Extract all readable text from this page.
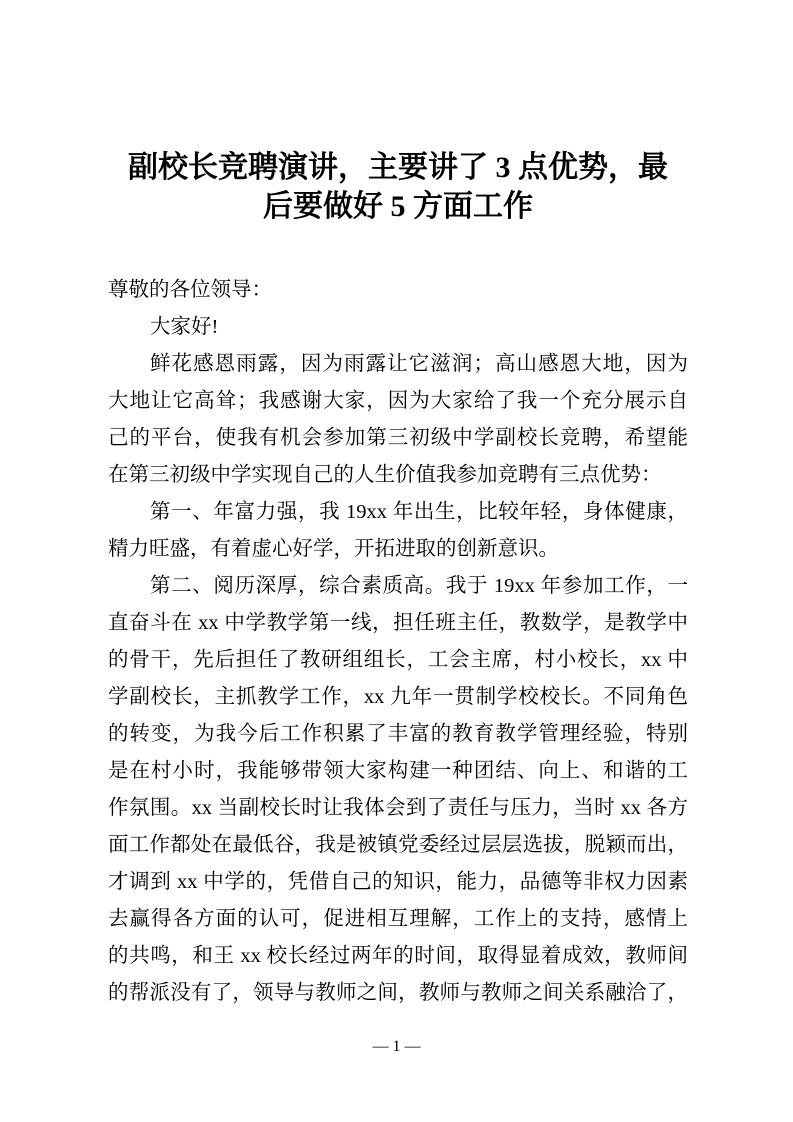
副校长竞聘演讲，主要讲了 3 点优势，最
后要做好 5 方面工作
尊敬的各位领导：
大家好!
鲜花感恩雨露，因为雨露让它滋润；高山感恩大地，因为
大地让它高耸；我感谢大家，因为大家给了我一个充分展示自
己的平台，使我有机会参加第三初级中学副校长竞聘，希望能
在第三初级中学实现自己的人生价值我参加竞聘有三点优势：
第一、年富力强，我 19xx 年出生，比较年轻，身体健康，
精力旺盛，有着虚心好学，开拓进取的创新意识。
第二、阅历深厚，综合素质高。我于 19xx 年参加工作，一
直奋斗在 xx 中学教学第一线，担任班主任，教数学，是教学中
的骨干，先后担任了教研组组长，工会主席，村小校长，xx 中
学副校长，主抓教学工作，xx 九年一贯制学校校长。不同角色
的转变，为我今后工作积累了丰富的教育教学管理经验，特别
是在村小时，我能够带领大家构建一种团结、向上、和谐的工
作氛围。xx 当副校长时让我体会到了责任与压力，当时 xx 各方
面工作都处在最低谷，我是被镇党委经过层层选拔，脱颖而出，
才调到 xx 中学的，凭借自己的知识，能力，品德等非权力因素
去赢得各方面的认可，促进相互理解，工作上的支持，感情上
的共鸣，和王 xx 校长经过两年的时间，取得显着成效，教师间
的帮派没有了，领导与教师之间，教师与教师之间关系融洽了，
— 1 —
